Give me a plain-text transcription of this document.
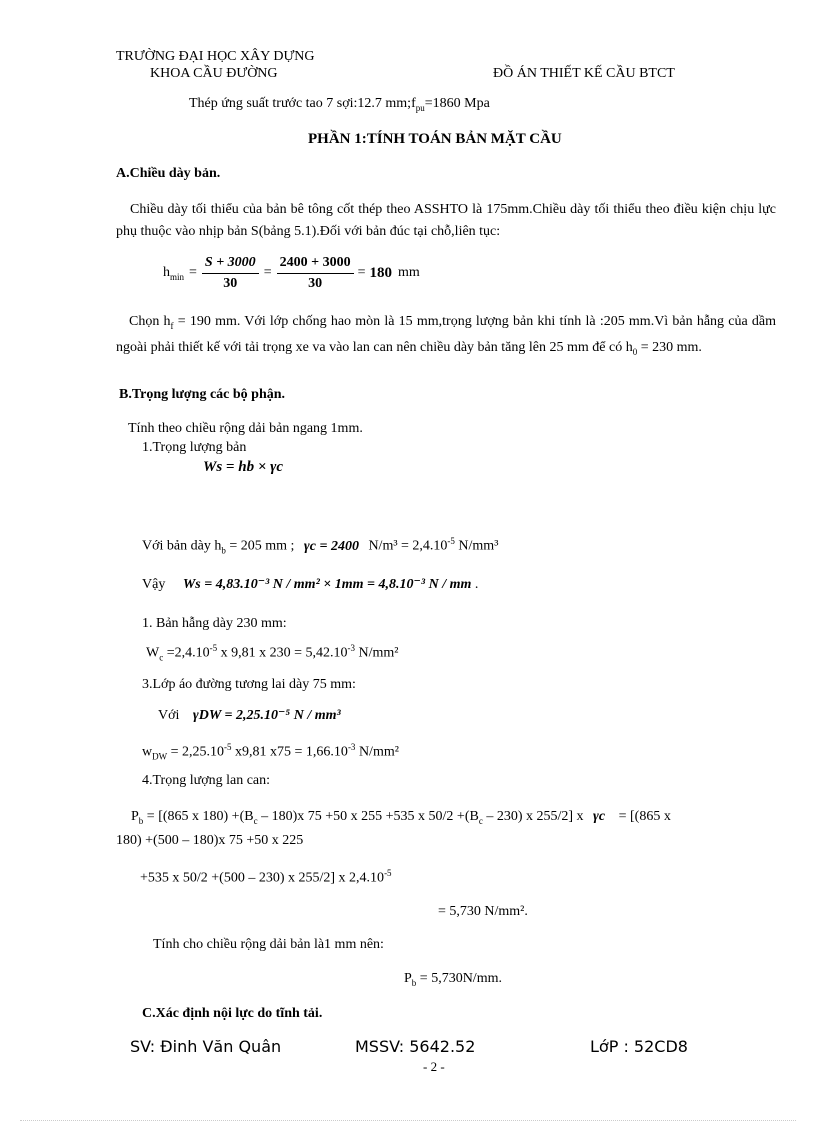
TRƯỜNG ĐẠI HỌC XÂY DỰNG
KHOA CẦU ĐƯỜNG	ĐỒ ÁN THIẾT KẾ CẦU BTCT
Thép ứng suất trước tao 7 sợi:12.7 $mm;f_{pu}=1860$ Mpa
PHẦN 1:TÍNH TOÁN BẢN MẶT CẦU
A.Chiều dày bản.
Chiều dày tối thiểu của bản bê tông cốt thép theo ASSHTO là 175mm.Chiều dày tối thiểu theo điều kiện chịu lực phụ thuộc vào nhịp bản S(bảng 5.1).Đối với bản đúc tại chỗ,liên tục:
$h_{min} = \frac{S + 3000}{30} = \frac{2400 + 3000}{30} = 180$ mm
Chọn $h_f = 190$ mm. Với lớp chống hao mòn là 15 mm,trọng lượng bản khi tính là :205 mm.Vì bản hẫng của dầm ngoài phải thiết kế với tải trọng xe va vào lan can nên chiều dày bản tăng lên 25 mm để có $h_0 = 230$ mm.
B.Trọng lượng các bộ phận.
Tính theo chiều rộng dải bản ngang 1mm.
1.Trọng lượng bản
Ws = hb × γc
Với bản dày $h_b = 205$ mm ; γc = 2400 $N/m^3 = 2,4.10^{-5}$ N/mm³
Vậy Ws = 4,83.10⁻³ N / mm² × 1mm = 4,8.10⁻³ N / mm .
1. Bản hẫng dày 230 mm:
$W_c =2,4.10^{-5}$ x 9,81 x $230 = 5,42.10^{-3}$ N/mm²
3.Lớp áo đường tương lai dày 75 mm:
Với γDW = 2,25.10⁻⁵ N / mm³
$w_{DW} = 2,25.10^{-5}$ x9,81 $x75 = 1,66.10^{-3}$ N/mm²
4.Trọng lượng lan can:
$P_b = [(865$ x $180) +(B_c - 180)x$ 75 +50 x 255 +535 x $50/2 +(B_c - 230)$ x 255/2] x γc = [(865 x
180) +(500 – 180)x 75 +50 x 225
+535 x 50/2 +(500 – 230) x 255/2] x $2,4.10^{-5}$
= 5,730 N/mm².
Tính cho chiều rộng dải bản là1 mm nên:
$P_b = 5,730N/mm$.
C.Xác định nội lực do tĩnh tải.
SV: Đinh Văn Quân	MSSV: 5642.52	LớP : 52CD8
- 2 -
